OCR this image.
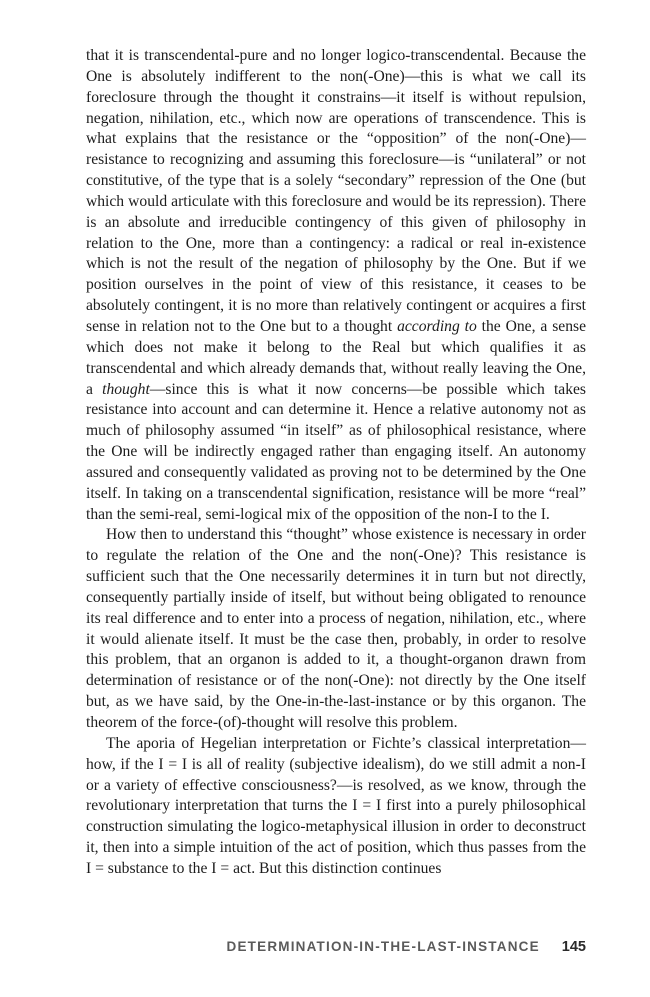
that it is transcendental-pure and no longer logico-transcendental. Because the One is absolutely indifferent to the non(-One)—this is what we call its foreclosure through the thought it constrains—it itself is without repulsion, negation, nihilation, etc., which now are operations of transcendence. This is what explains that the resistance or the “opposition” of the non(-One)—resistance to recognizing and assuming this foreclosure—is “unilateral” or not constitutive, of the type that is a solely “secondary” repression of the One (but which would articulate with this foreclosure and would be its repression). There is an absolute and irreducible contingency of this given of philosophy in relation to the One, more than a contingency: a radical or real in-existence which is not the result of the negation of philosophy by the One. But if we position ourselves in the point of view of this resistance, it ceases to be absolutely contingent, it is no more than relatively contingent or acquires a first sense in relation not to the One but to a thought according to the One, a sense which does not make it belong to the Real but which qualifies it as transcendental and which already demands that, without really leaving the One, a thought—since this is what it now concerns—be possible which takes resistance into account and can determine it. Hence a relative autonomy not as much of philosophy assumed “in itself” as of philosophical resistance, where the One will be indirectly engaged rather than engaging itself. An autonomy assured and consequently validated as proving not to be determined by the One itself. In taking on a transcendental signification, resistance will be more “real” than the semi-real, semi-logical mix of the opposition of the non-I to the I.

How then to understand this “thought” whose existence is necessary in order to regulate the relation of the One and the non(-One)? This resistance is sufficient such that the One necessarily determines it in turn but not directly, consequently partially inside of itself, but without being obligated to renounce its real difference and to enter into a process of negation, nihilation, etc., where it would alienate itself. It must be the case then, probably, in order to resolve this problem, that an organon is added to it, a thought-organon drawn from determination of resistance or of the non(-One): not directly by the One itself but, as we have said, by the One-in-the-last-instance or by this organon. The theorem of the force-(of)-thought will resolve this problem.

The aporia of Hegelian interpretation or Fichte’s classical interpretation—how, if the I = I is all of reality (subjective idealism), do we still admit a non-I or a variety of effective consciousness?—is resolved, as we know, through the revolutionary interpretation that turns the I = I first into a purely philosophical construction simulating the logico-metaphysical illusion in order to deconstruct it, then into a simple intuition of the act of position, which thus passes from the I = substance to the I = act. But this distinction continues

DETERMINATION-IN-THE-LAST-INSTANCE 145
